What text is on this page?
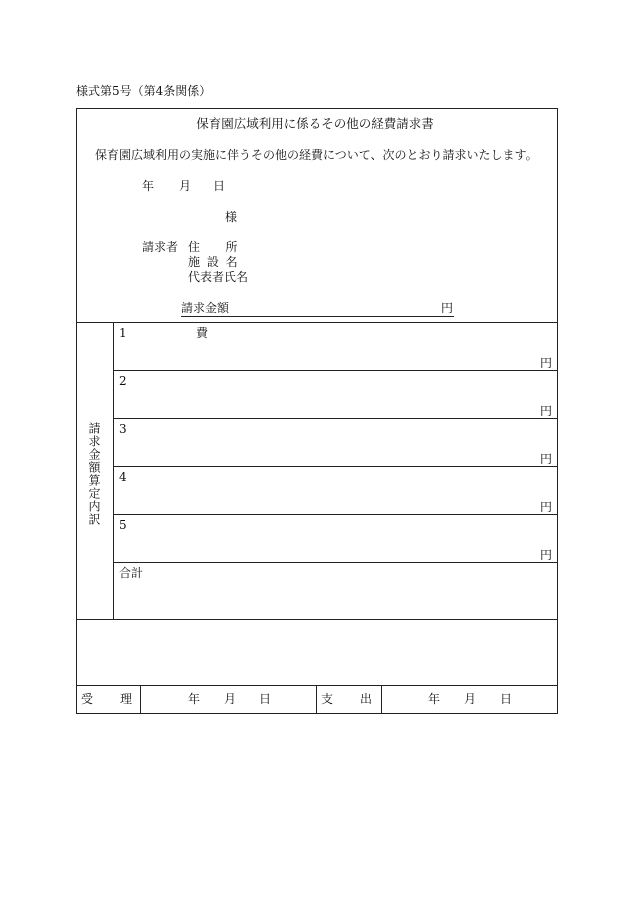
様式第5号（第4条関係）
保育園広域利用に係るその他の経費請求書
保育園広域利用の実施に伴うその他の経費について、次のとおり請求いたします。
年 月 日
様
請求者 住　　所
施 設 名
代表者氏名
請求金額	円
請求金額算定内訳
1	費
円
2
円
3
円
4
円
5
円
合計
受　　理	年 月 日	支　　出	年 月 日
